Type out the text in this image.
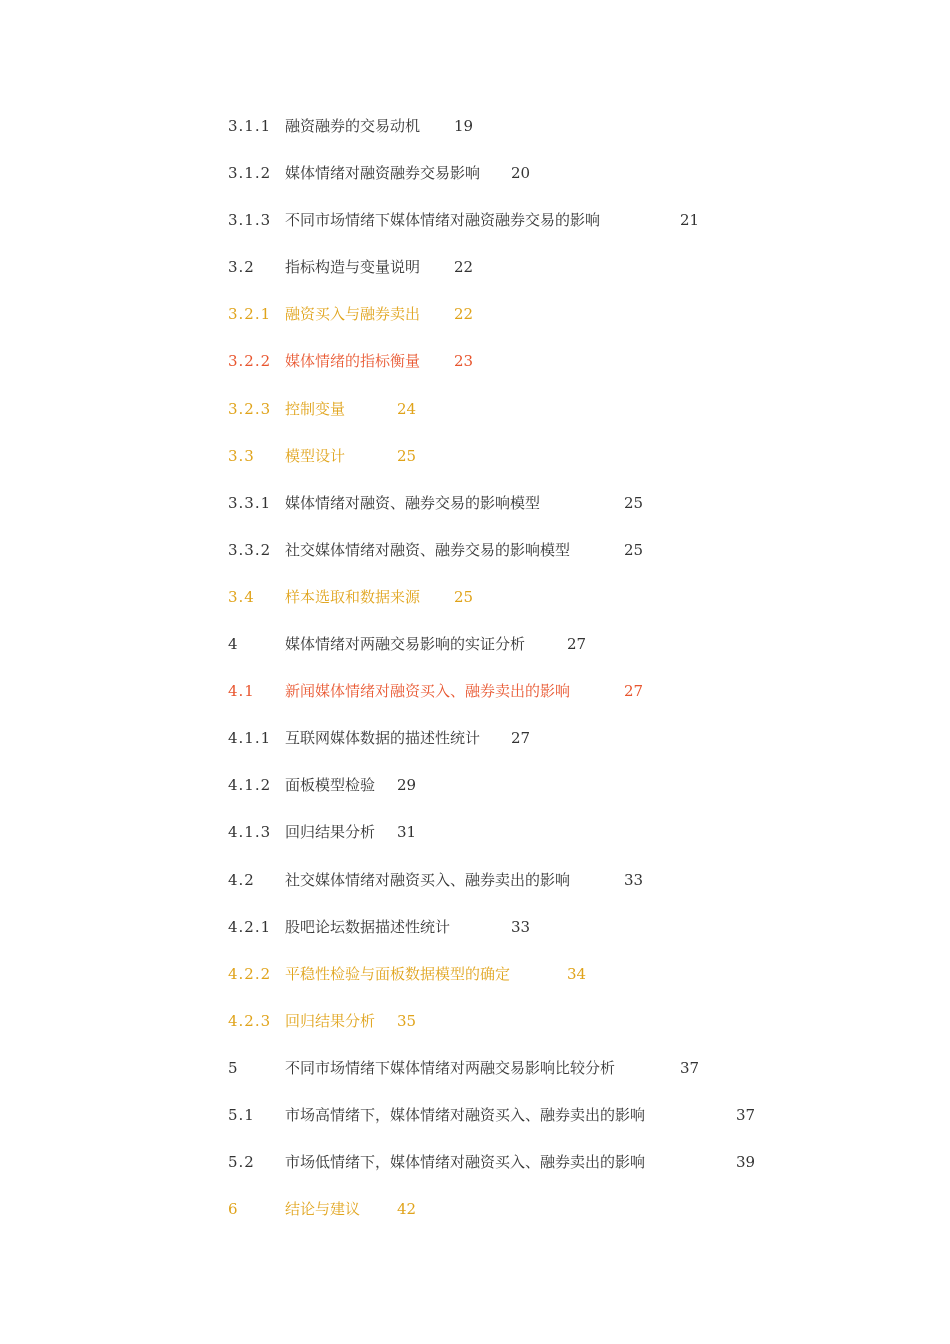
3.1.1 融资融券的交易动机 19
3.1.2 媒体情绪对融资融券交易影响 20
3.1.3 不同市场情绪下媒体情绪对融资融券交易的影响	21
3.2 指标构造与变量说明 22
3.2.1 融资买入与融券卖出 22
3.2.2 媒体情绪的指标衡量 23
3.2.3 控制变量	24
3.3 模型设计	25
3.3.1 媒体情绪对融资、融券交易的影响模型	25
3.3.2 社交媒体情绪对融资、融券交易的影响模型	25
3.4 样本选取和数据来源 25
4	媒体情绪对两融交易影响的实证分析	27
4.1 新闻媒体情绪对融资买入、融券卖出的影响	27
4.1.1 互联网媒体数据的描述性统计 27
4.1.2 面板模型检验 29
4.1.3 回归结果分析 31
4.2 社交媒体情绪对融资买入、融券卖出的影响	33
4.2.1 股吧论坛数据描述性统计	33
4.2.2 平稳性检验与面板数据模型的确定	34
4.2.3 回归结果分析 35
5	不同市场情绪下媒体情绪对两融交易影响比较分析	37
5.1 市场高情绪下，媒体情绪对融资买入、融券卖出的影响	37
5.2 市场低情绪下，媒体情绪对融资买入、融券卖出的影响	39
6	结论与建议 42
